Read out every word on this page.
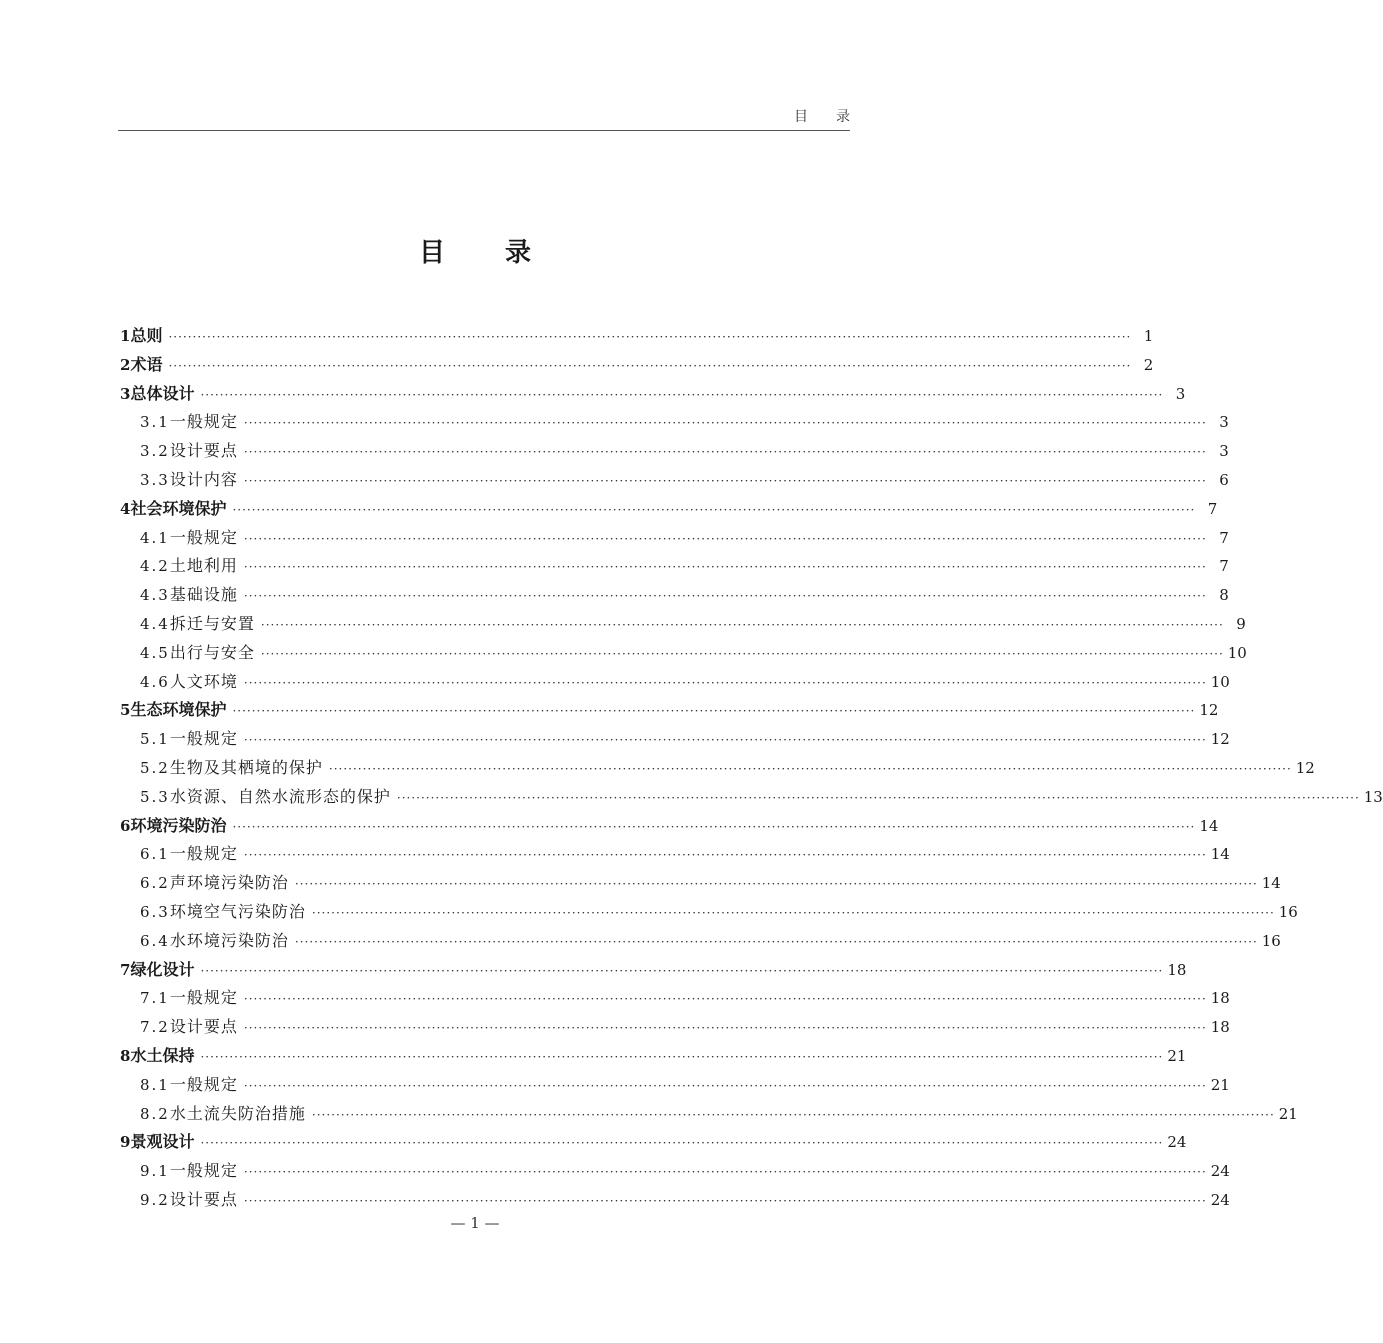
目 录
目 录
1 总则 ········································································································································································································ 1
2 术语 ········································································································································································································ 2
3 总体设计 ········································································································································································································ 3
3.1 一般规定 ········································································································································································································ 3
3.2 设计要点 ········································································································································································································ 3
3.3 设计内容 ········································································································································································································ 6
4 社会环境保护 ········································································································································································································ 7
4.1 一般规定 ········································································································································································································ 7
4.2 土地利用 ········································································································································································································ 7
4.3 基础设施 ········································································································································································································ 8
4.4 拆迁与安置 ········································································································································································································ 9
4.5 出行与安全 ········································································································································································································ 10
4.6 人文环境 ········································································································································································································ 10
5 生态环境保护 ········································································································································································································ 12
5.1 一般规定 ········································································································································································································ 12
5.2 生物及其栖境的保护 ········································································································································································································ 12
5.3 水资源、自然水流形态的保护 ········································································································································································································ 13
6 环境污染防治 ········································································································································································································ 14
6.1 一般规定 ········································································································································································································ 14
6.2 声环境污染防治 ········································································································································································································ 14
6.3 环境空气污染防治 ········································································································································································································ 16
6.4 水环境污染防治 ········································································································································································································ 16
7 绿化设计 ········································································································································································································ 18
7.1 一般规定 ········································································································································································································ 18
7.2 设计要点 ········································································································································································································ 18
8 水土保持 ········································································································································································································ 21
8.1 一般规定 ········································································································································································································ 21
8.2 水土流失防治措施 ········································································································································································································ 21
9 景观设计 ········································································································································································································ 24
9.1 一般规定 ········································································································································································································ 24
9.2 设计要点 ········································································································································································································ 24
— 1 —
